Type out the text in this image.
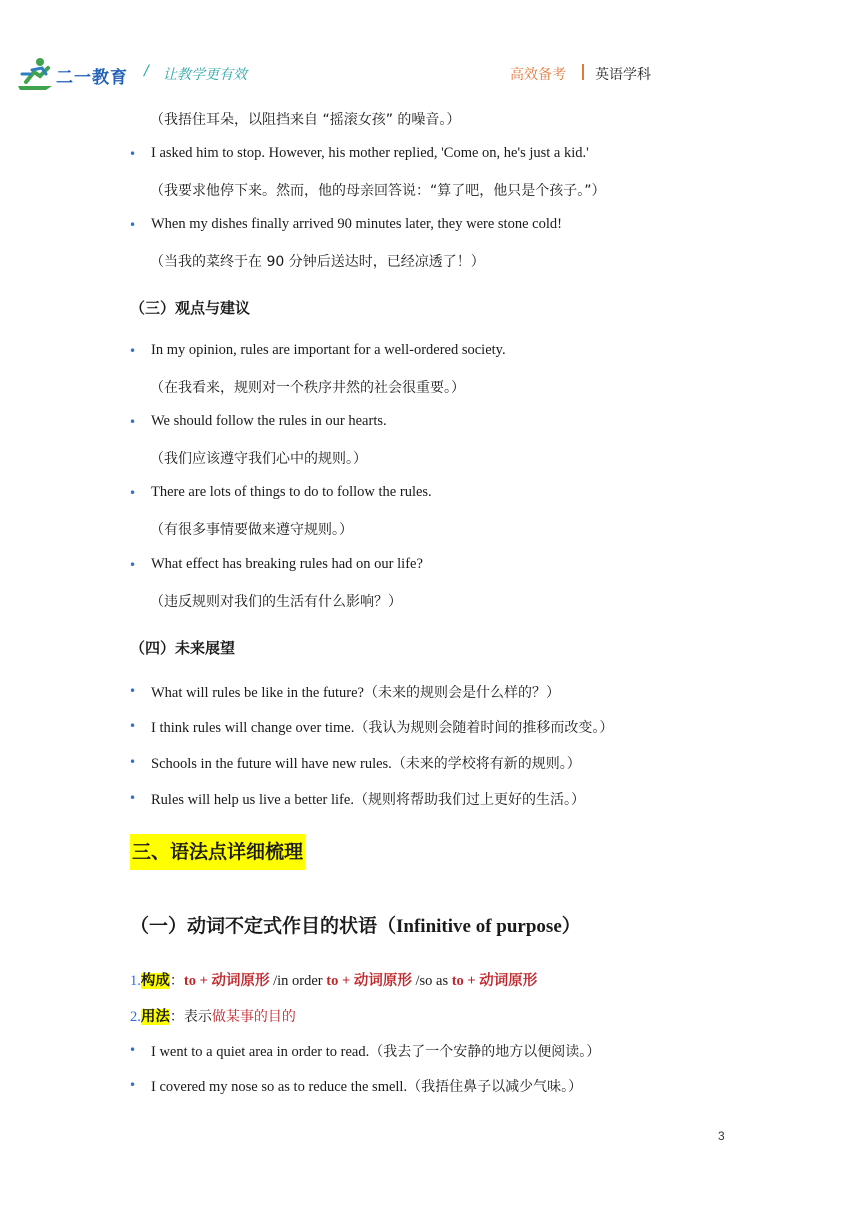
二一教育 / 让教学更有效	高效备考 英语学科
（我捂住耳朵，以阻挡来自 “摇滚女孩” 的噪音。）
• I asked him to stop. However, his mother replied, 'Come on, he's just a kid.'
（我要求他停下来。然而，他的母亲回答说：“算了吧，他只是个孩子。”）
• When my dishes finally arrived 90 minutes later, they were stone cold!
（当我的菜终于在 90 分钟后送达时，已经凉透了！）
（三）观点与建议
• In my opinion, rules are important for a well-ordered society.
（在我看来，规则对一个秩序井然的社会很重要。）
• We should follow the rules in our hearts.
（我们应该遵守我们心中的规则。）
• There are lots of things to do to follow the rules.
（有很多事情要做来遵守规则。）
• What effect has breaking rules had on our life?
（违反规则对我们的生活有什么影响？）
（四）未来展望
• What will rules be like in the future?（未来的规则会是什么样的？）
• I think rules will change over time.（我认为规则会随着时间的推移而改变。）
• Schools in the future will have new rules.（未来的学校将有新的规则。）
• Rules will help us live a better life.（规则将帮助我们过上更好的生活。）
三、语法点详细梳理
（一）动词不定式作目的状语（Infinitive of purpose）
1.构成：to + 动词原形 /in order to + 动词原形 /so as to + 动词原形
2.用法：表示做某事的目的
• I went to a quiet area in order to read.（我去了一个安静的地方以便阅读。）
• I covered my nose so as to reduce the smell.（我捂住鼻子以减少气味。）
3
